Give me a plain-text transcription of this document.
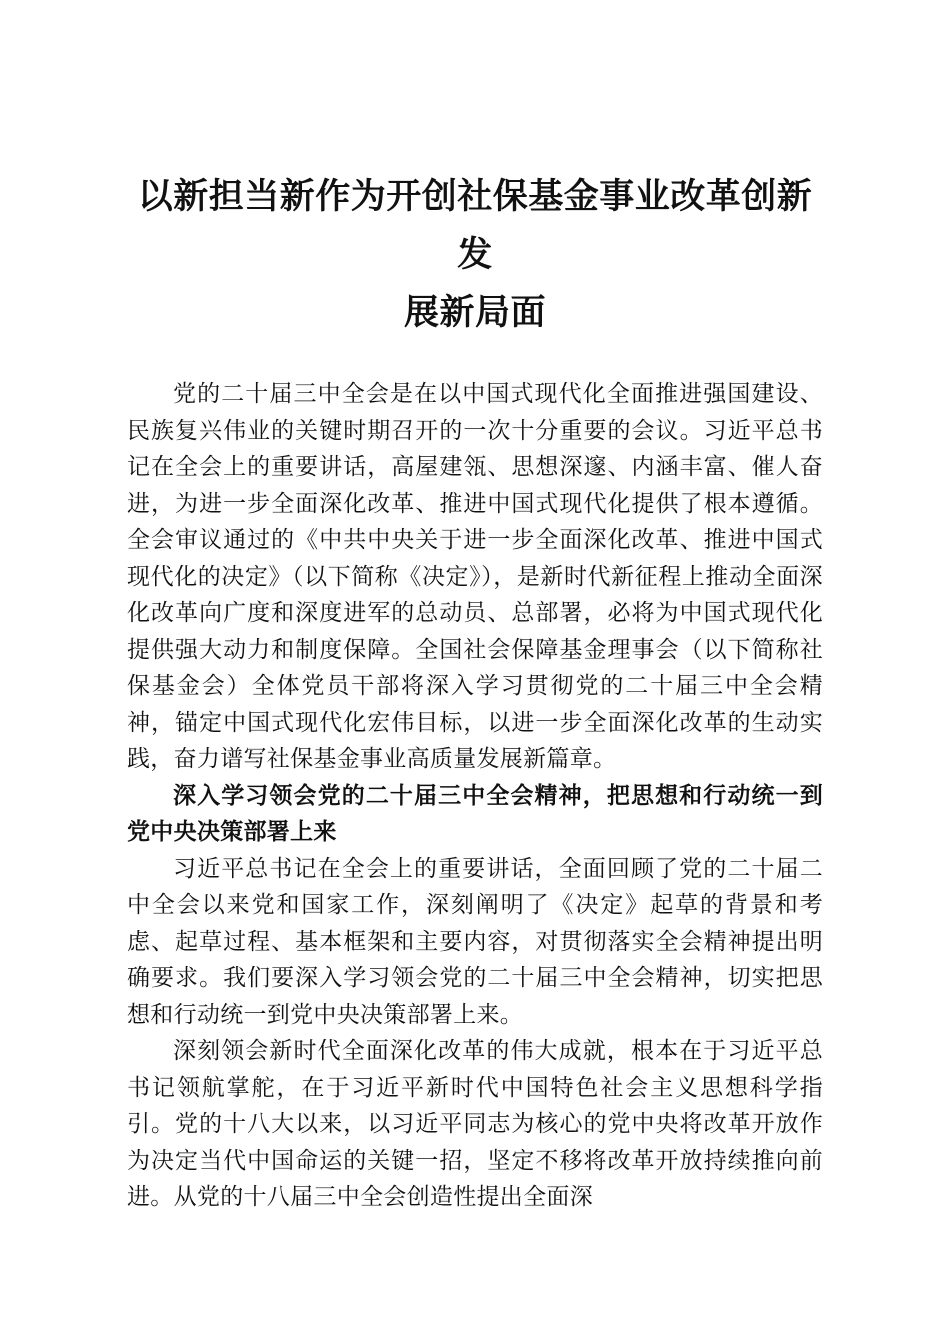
以新担当新作为开创社保基金事业改革创新发
展新局面

党的二十届三中全会是在以中国式现代化全面推进强国建设、民族复兴伟业的关键时期召开的一次十分重要的会议。习近平总书记在全会上的重要讲话，高屋建瓴、思想深邃、内涵丰富、催人奋进，为进一步全面深化改革、推进中国式现代化提供了根本遵循。全会审议通过的《中共中央关于进一步全面深化改革、推进中国式现代化的决定》（以下简称《决定》），是新时代新征程上推动全面深化改革向广度和深度进军的总动员、总部署，必将为中国式现代化提供强大动力和制度保障。全国社会保障基金理事会（以下简称社保基金会）全体党员干部将深入学习贯彻党的二十届三中全会精神，锚定中国式现代化宏伟目标，以进一步全面深化改革的生动实践，奋力谱写社保基金事业高质量发展新篇章。

深入学习领会党的二十届三中全会精神，把思想和行动统一到党中央决策部署上来

习近平总书记在全会上的重要讲话，全面回顾了党的二十届二中全会以来党和国家工作，深刻阐明了《决定》起草的背景和考虑、起草过程、基本框架和主要内容，对贯彻落实全会精神提出明确要求。我们要深入学习领会党的二十届三中全会精神，切实把思想和行动统一到党中央决策部署上来。

深刻领会新时代全面深化改革的伟大成就，根本在于习近平总书记领航掌舵，在于习近平新时代中国特色社会主义思想科学指引。党的十八大以来，以习近平同志为核心的党中央将改革开放作为决定当代中国命运的关键一招，坚定不移将改革开放持续推向前进。从党的十八届三中全会创造性提出全面深
